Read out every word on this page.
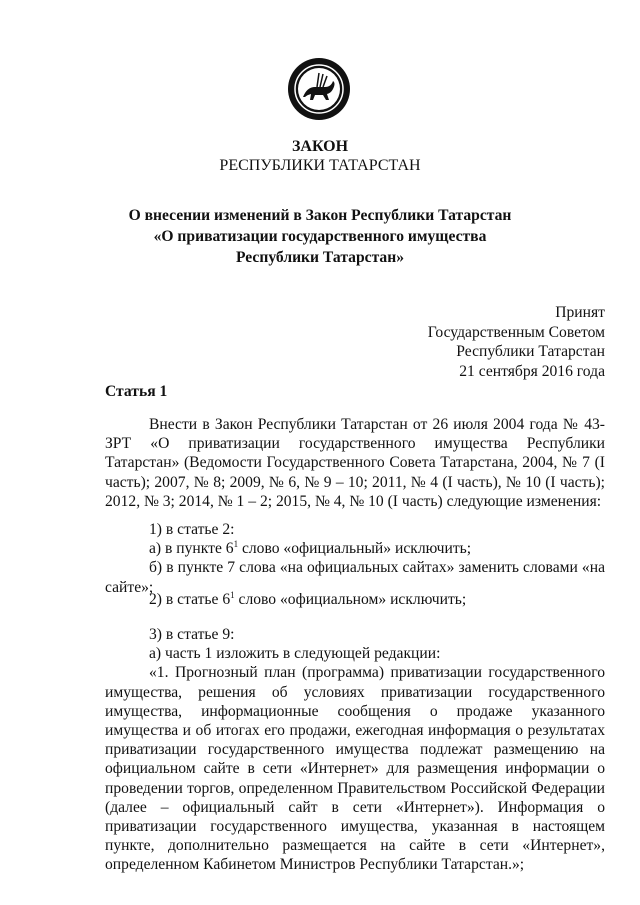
ЗАКОН
РЕСПУБЛИКИ ТАТАРСТАН
О внесении изменений в Закон Республики Татарстан
«О приватизации государственного имущества
Республики Татарстан»
Принят
Государственным Советом
Республики Татарстан
21 сентября 2016 года
Статья 1

Внести в Закон Республики Татарстан от 26 июля 2004 года № 43-ЗРТ «О приватизации государственного имущества Республики Татарстан» (Ведомости Государственного Совета Татарстана, 2004, № 7 (I часть); 2007, № 8; 2009, № 6, № 9 – 10; 2011, № 4 (I часть), № 10 (I часть); 2012, № 3; 2014, № 1 – 2; 2015, № 4, № 10 (I часть) следующие изменения:

1) в статье 2:

а) в пункте $6^1$ слово «официальный» исключить;

б) в пункте 7 слова «на официальных сайтах» заменить словами «на сайте»;

2) в статье $6^1$ слово «официальном» исключить;

3) в статье 9:

а) часть 1 изложить в следующей редакции:

«1. Прогнозный план (программа) приватизации государственного имущества, решения об условиях приватизации государственного имущества, информационные сообщения о продаже указанного имущества и об итогах его продажи, ежегодная информация о результатах приватизации государственного имущества подлежат размещению на официальном сайте в сети «Интернет» для размещения информации о проведении торгов, определенном Правительством Российской Федерации (далее – официальный сайт в сети «Интернет»). Информация о приватизации государственного имущества, указанная в настоящем пункте, дополнительно размещается на сайте в сети «Интернет», определенном Кабинетом Министров Республики Татарстан.»;
